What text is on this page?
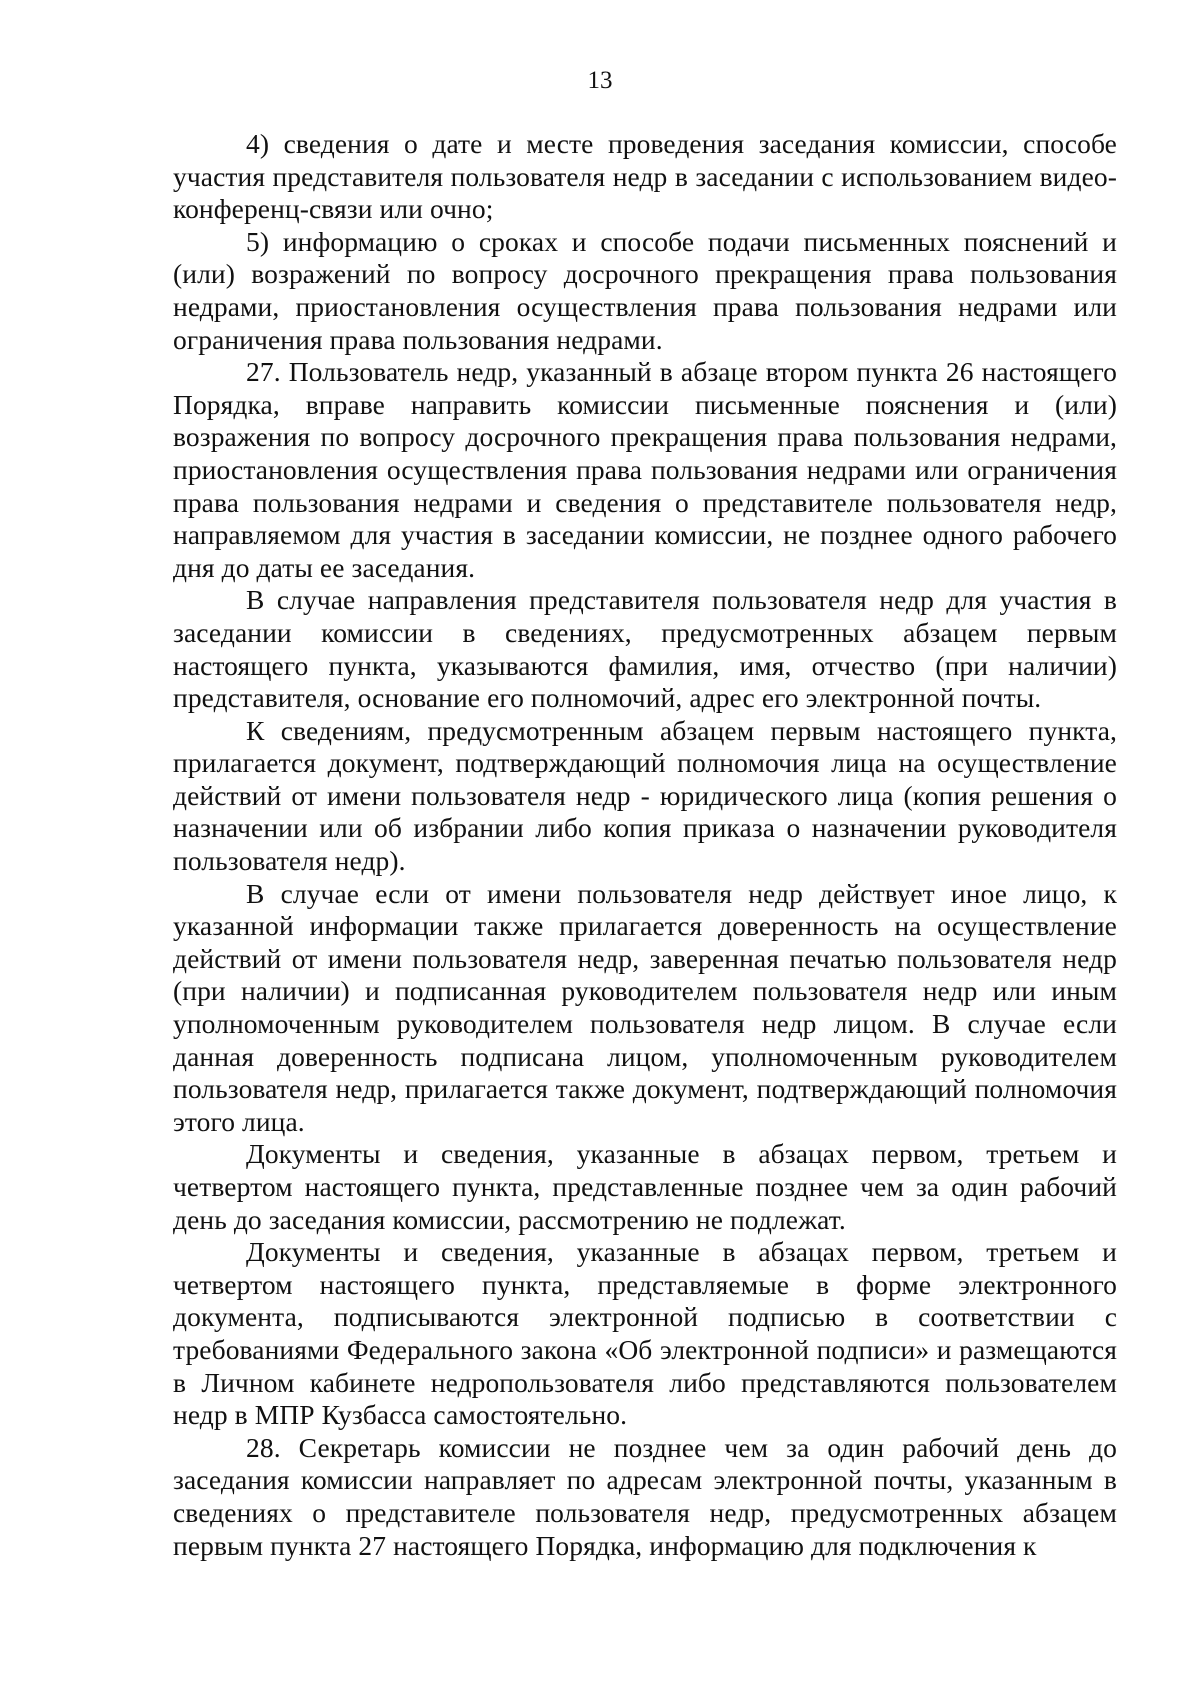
13

4) сведения о дате и месте проведения заседания комиссии, способе участия представителя пользователя недр в заседании с использованием видео-конференц-связи или очно;

5) информацию о сроках и способе подачи письменных пояснений и (или) возражений по вопросу досрочного прекращения права пользования недрами, приостановления осуществления права пользования недрами или ограничения права пользования недрами.

27. Пользователь недр, указанный в абзаце втором пункта 26 настоящего Порядка, вправе направить комиссии письменные пояснения и (или) возражения по вопросу досрочного прекращения права пользования недрами, приостановления осуществления права пользования недрами или ограничения права пользования недрами и сведения о представителе пользователя недр, направляемом для участия в заседании комиссии, не позднее одного рабочего дня до даты ее заседания.

В случае направления представителя пользователя недр для участия в заседании комиссии в сведениях, предусмотренных абзацем первым настоящего пункта, указываются фамилия, имя, отчество (при наличии) представителя, основание его полномочий, адрес его электронной почты.

К сведениям, предусмотренным абзацем первым настоящего пункта, прилагается документ, подтверждающий полномочия лица на осуществление действий от имени пользователя недр - юридического лица (копия решения о назначении или об избрании либо копия приказа о назначении руководителя пользователя недр).

В случае если от имени пользователя недр действует иное лицо, к указанной информации также прилагается доверенность на осуществление действий от имени пользователя недр, заверенная печатью пользователя недр (при наличии) и подписанная руководителем пользователя недр или иным уполномоченным руководителем пользователя недр лицом. В случае если данная доверенность подписана лицом, уполномоченным руководителем пользователя недр, прилагается также документ, подтверждающий полномочия этого лица.

Документы и сведения, указанные в абзацах первом, третьем и четвертом настоящего пункта, представленные позднее чем за один рабочий день до заседания комиссии, рассмотрению не подлежат.

Документы и сведения, указанные в абзацах первом, третьем и четвертом настоящего пункта, представляемые в форме электронного документа, подписываются электронной подписью в соответствии с требованиями Федерального закона «Об электронной подписи» и размещаются в Личном кабинете недропользователя либо представляются пользователем недр в МПР Кузбасса самостоятельно.

28. Секретарь комиссии не позднее чем за один рабочий день до заседания комиссии направляет по адресам электронной почты, указанным в сведениях о представителе пользователя недр, предусмотренных абзацем первым пункта 27 настоящего Порядка, информацию для подключения к
